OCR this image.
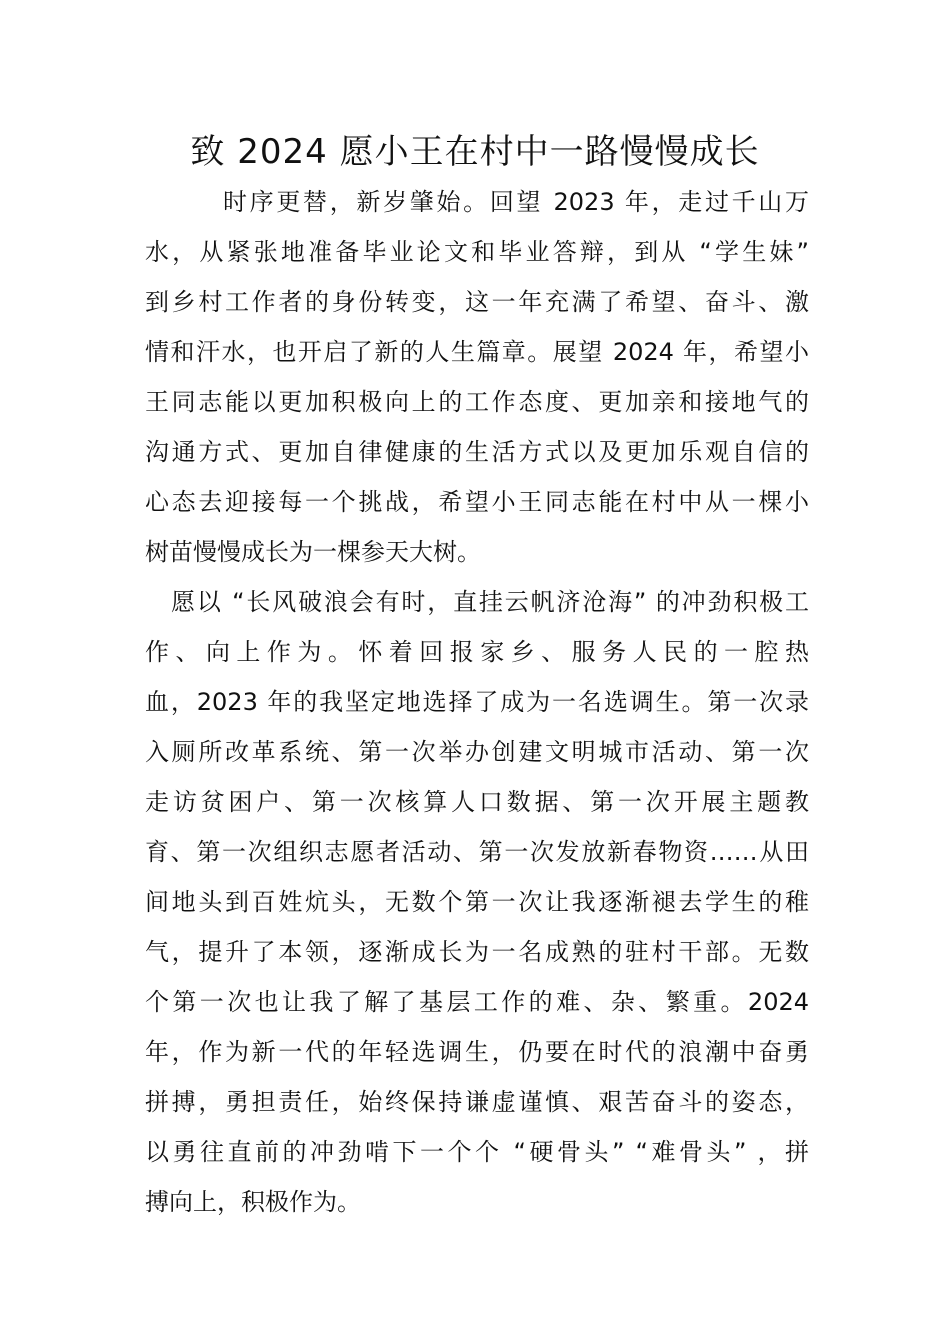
致 2024 愿小王在村中一路慢慢成长
时序更替，新岁肇始。回望 2023 年，走过千山万
水，从紧张地准备毕业论文和毕业答辩，到从 “学生妹”
到乡村工作者的身份转变，这一年充满了希望、奋斗、激
情和汗水，也开启了新的人生篇章。展望 2024 年，希望小
王同志能以更加积极向上的工作态度、更加亲和接地气的
沟通方式、更加自律健康的生活方式以及更加乐观自信的
心态去迎接每一个挑战，希望小王同志能在村中从一棵小
树苗慢慢成长为一棵参天大树。
愿以 “长风破浪会有时，直挂云帆济沧海” 的冲劲积极工
作、向上作为。怀着回报家乡、服务人民的一腔热
血，2023 年的我坚定地选择了成为一名选调生。第一次录
入厕所改革系统、第一次举办创建文明城市活动、第一次
走访贫困户、第一次核算人口数据、第一次开展主题教
育、第一次组织志愿者活动、第一次发放新春物资……从田
间地头到百姓炕头，无数个第一次让我逐渐褪去学生的稚
气，提升了本领，逐渐成长为一名成熟的驻村干部。无数
个第一次也让我了解了基层工作的难、杂、繁重。2024
年，作为新一代的年轻选调生，仍要在时代的浪潮中奋勇
拼搏，勇担责任，始终保持谦虚谨慎、艰苦奋斗的姿态，
以勇往直前的冲劲啃下一个个 “硬骨头” “难骨头” ，拼
搏向上，积极作为。
